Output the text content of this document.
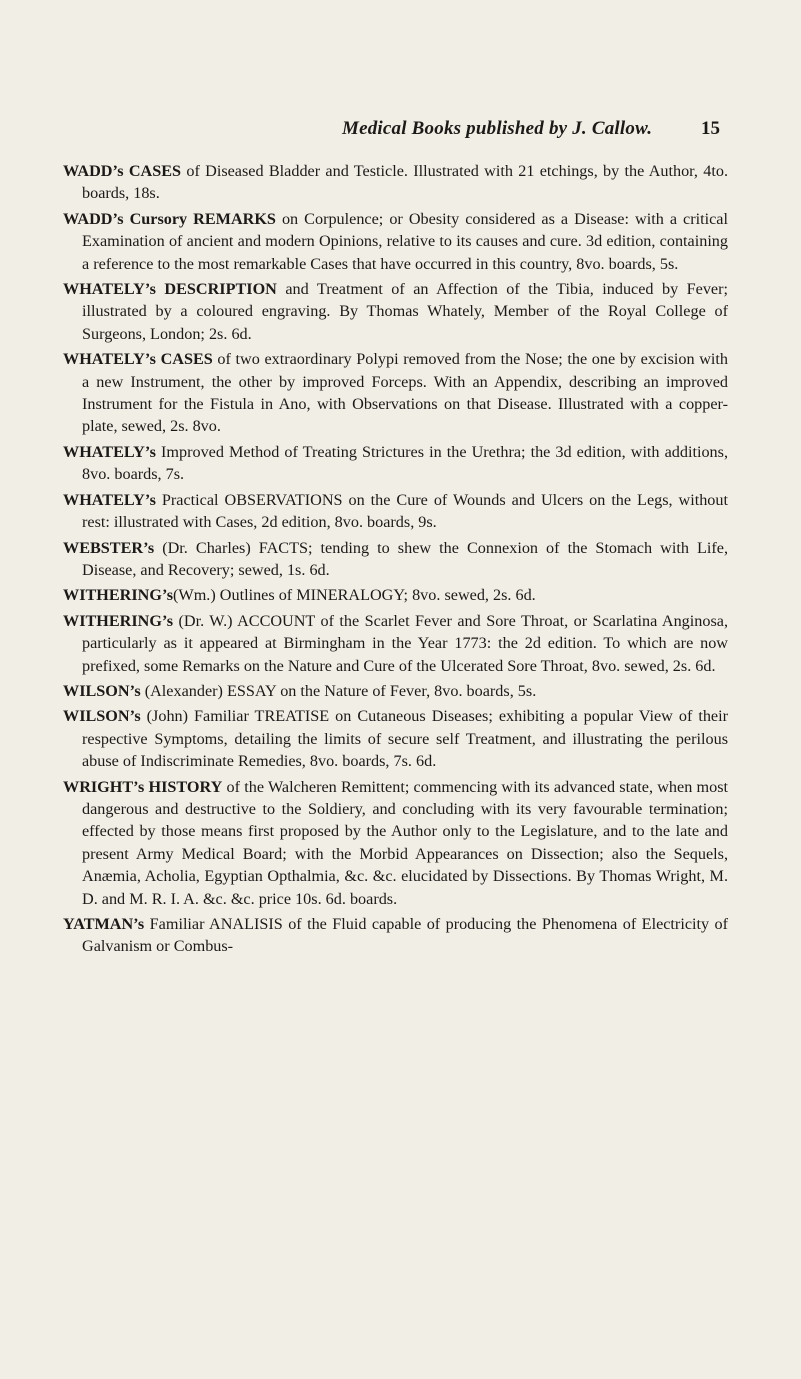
Medical Books published by J. Callow.	15

WADD’s CASES of Diseased Bladder and Testicle. Illustrated with 21 etchings, by the Author, 4to. boards, 18s.

WADD’s Cursory REMARKS on Corpulence; or Obesity considered as a Disease: with a critical Examination of ancient and modern Opinions, relative to its causes and cure. 3d edition, containing a reference to the most remarkable Cases that have occurred in this country, 8vo. boards, 5s.

WHATELY’s DESCRIPTION and Treatment of an Affection of the Tibia, induced by Fever; illustrated by a coloured engraving. By Thomas Whately, Member of the Royal College of Surgeons, London; 2s. 6d.

WHATELY’s CASES of two extraordinary Polypi removed from the Nose; the one by excision with a new Instrument, the other by improved Forceps. With an Appendix, describing an improved Instrument for the Fistula in Ano, with Observations on that Disease. Illustrated with a copper-plate, sewed, 2s. 8vo.

WHATELY’s Improved Method of Treating Strictures in the Urethra; the 3d edition, with additions, 8vo. boards, 7s.

WHATELY’s Practical OBSERVATIONS on the Cure of Wounds and Ulcers on the Legs, without rest: illustrated with Cases, 2d edition, 8vo. boards, 9s.

WEBSTER’s (Dr. Charles) FACTS; tending to shew the Connexion of the Stomach with Life, Disease, and Recovery; sewed, 1s. 6d.

WITHERING’s(Wm.) Outlines of MINERALOGY; 8vo. sewed, 2s. 6d.

WITHERING’s (Dr. W.) ACCOUNT of the Scarlet Fever and Sore Throat, or Scarlatina Anginosa, particularly as it appeared at Birmingham in the Year 1773: the 2d edition. To which are now prefixed, some Remarks on the Nature and Cure of the Ulcerated Sore Throat, 8vo. sewed, 2s. 6d.

WILSON’s (Alexander) ESSAY on the Nature of Fever, 8vo. boards, 5s.

WILSON’s (John) Familiar TREATISE on Cutaneous Diseases; exhibiting a popular View of their respective Symptoms, detailing the limits of secure self Treatment, and illustrating the perilous abuse of Indiscriminate Remedies, 8vo. boards, 7s. 6d.

WRIGHT’s HISTORY of the Walcheren Remittent; commencing with its advanced state, when most dangerous and destructive to the Soldiery, and concluding with its very favourable termination; effected by those means first proposed by the Author only to the Legislature, and to the late and present Army Medical Board; with the Morbid Appearances on Dissection; also the Sequels, Anæmia, Acholia, Egyptian Opthalmia, &c. &c. elucidated by Dissections. By Thomas Wright, M. D. and M. R. I. A. &c. &c. price 10s. 6d. boards.

YATMAN’s Familiar ANALISIS of the Fluid capable of producing the Phenomena of Electricity of Galvanism or Combus-
